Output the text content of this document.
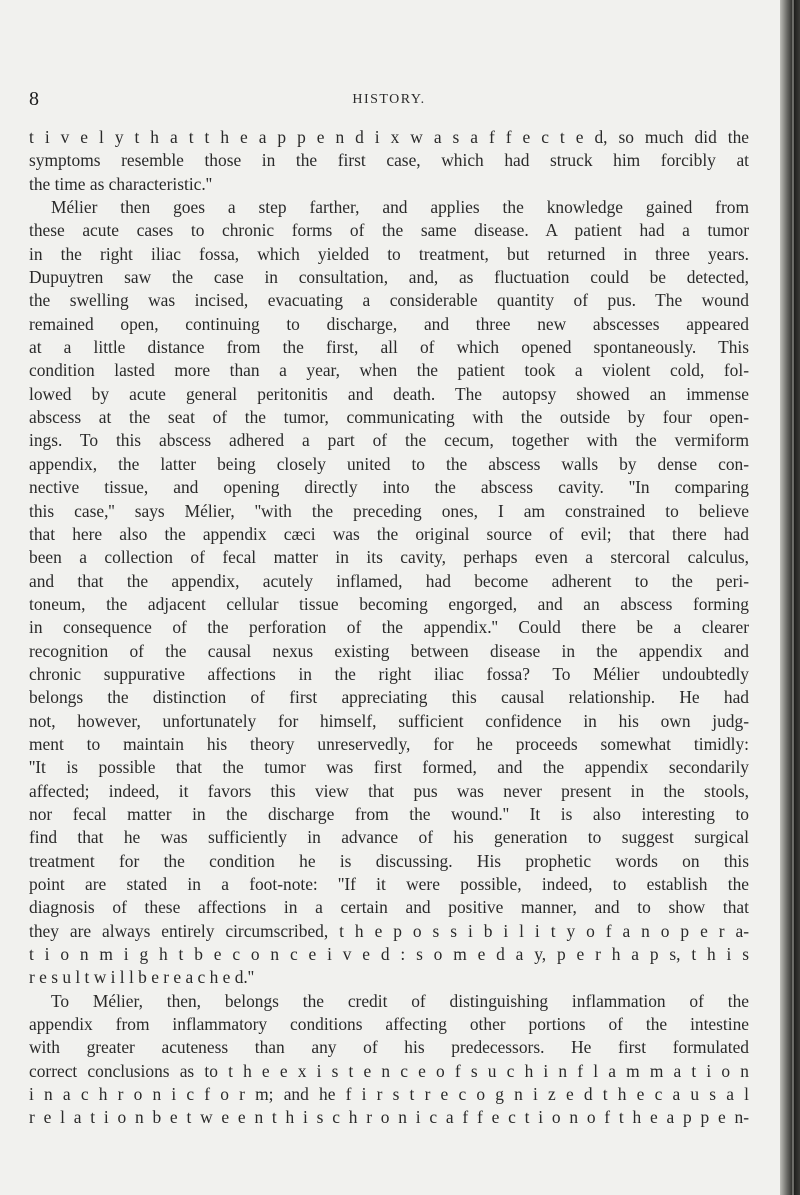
8	HISTORY.
t i v e l y t h a t t h e a p p e n d i x w a s a f f e c t e d, so much did the
symptoms resemble those in the first case, which had struck him forcibly at
the time as characteristic.''
Mélier then goes a step farther, and applies the knowledge gained from
these acute cases to chronic forms of the same disease. A patient had a tumor
in the right iliac fossa, which yielded to treatment, but returned in three years.
Dupuytren saw the case in consultation, and, as fluctuation could be detected,
the swelling was incised, evacuating a considerable quantity of pus. The wound
remained open, continuing to discharge, and three new abscesses appeared
at a little distance from the first, all of which opened spontaneously. This
condition lasted more than a year, when the patient took a violent cold, fol-
lowed by acute general peritonitis and death. The autopsy showed an immense
abscess at the seat of the tumor, communicating with the outside by four open-
ings. To this abscess adhered a part of the cecum, together with the vermiform
appendix, the latter being closely united to the abscess walls by dense con-
nective tissue, and opening directly into the abscess cavity. ''In comparing
this case,'' says Mélier, ''with the preceding ones, I am constrained to believe
that here also the appendix cæci was the original source of evil; that there had
been a collection of fecal matter in its cavity, perhaps even a stercoral calculus,
and that the appendix, acutely inflamed, had become adherent to the peri-
toneum, the adjacent cellular tissue becoming engorged, and an abscess forming
in consequence of the perforation of the appendix.'' Could there be a clearer
recognition of the causal nexus existing between disease in the appendix and
chronic suppurative affections in the right iliac fossa? To Mélier undoubtedly
belongs the distinction of first appreciating this causal relationship. He had
not, however, unfortunately for himself, sufficient confidence in his own judg-
ment to maintain his theory unreservedly, for he proceeds somewhat timidly:
''It is possible that the tumor was first formed, and the appendix secondarily
affected; indeed, it favors this view that pus was never present in the stools,
nor fecal matter in the discharge from the wound.'' It is also interesting to
find that he was sufficiently in advance of his generation to suggest surgical
treatment for the condition he is discussing. His prophetic words on this
point are stated in a foot-note: ''If it were possible, indeed, to establish the
diagnosis of these affections in a certain and positive manner, and to show that
they are always entirely circumscribed, t h e p o s s i b i l i t y o f a n o p e r a-
t i o n m i g h t b e c o n c e i v e d : s o m e d a y, p e r h a p s, t h i s
r e s u l t w i l l b e r e a c h e d.''
To Mélier, then, belongs the credit of distinguishing inflammation of the
appendix from inflammatory conditions affecting other portions of the intestine
with greater acuteness than any of his predecessors. He first formulated
correct conclusions as to t h e e x i s t e n c e o f s u c h i n f l a m m a t i o n
i n a c h r o n i c f o r m; and he f i r s t r e c o g n i z e d t h e c a u s a l
r e l a t i o n b e t w e e n t h i s c h r o n i c a f f e c t i o n o f t h e a p p e n-
